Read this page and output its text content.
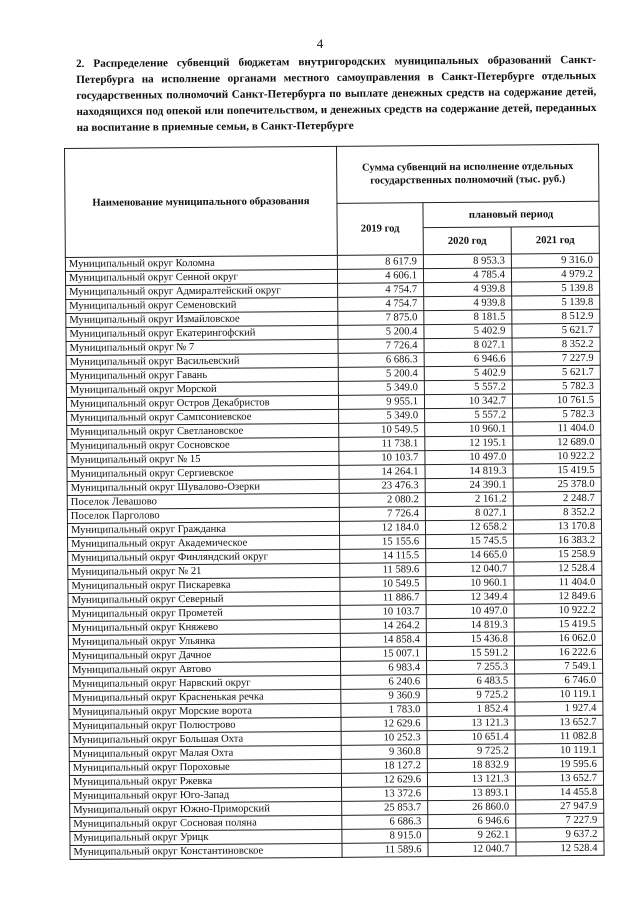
4
2. Распределение субвенций бюджетам внутригородских муниципальных образований Санкт-Петербурга на исполнение органами местного самоуправления в Санкт-Петербурге отдельных государственных полномочий Санкт-Петербурга по выплате денежных средств на содержание детей, находящихся под опекой или попечительством, и денежных средств на содержание детей, переданных на воспитание в приемные семьи, в Санкт-Петербурге
Наименование муниципального образования	Сумма субвенций на исполнение отдельных государственных полномочий (тыс. руб.)		
	2019 год	плановый период	
		2020 год	2021 год
Муниципальный округ Коломна	8 617.9	8 953.3	9 316.0
Муниципальный округ Сенной округ	4 606.1	4 785.4	4 979.2
Муниципальный округ Адмиралтейский округ	4 754.7	4 939.8	5 139.8
Муниципальный округ Семеновский	4 754.7	4 939.8	5 139.8
Муниципальный округ Измайловское	7 875.0	8 181.5	8 512.9
Муниципальный округ Екатерингофский	5 200.4	5 402.9	5 621.7
Муниципальный округ № 7	7 726.4	8 027.1	8 352.2
Муниципальный округ Васильевский	6 686.3	6 946.6	7 227.9
Муниципальный округ Гавань	5 200.4	5 402.9	5 621.7
Муниципальный округ Морской	5 349.0	5 557.2	5 782.3
Муниципальный округ Остров Декабристов	9 955.1	10 342.7	10 761.5
Муниципальный округ Сампсониевское	5 349.0	5 557.2	5 782.3
Муниципальный округ Светлановское	10 549.5	10 960.1	11 404.0
Муниципальный округ Сосновское	11 738.1	12 195.1	12 689.0
Муниципальный округ № 15	10 103.7	10 497.0	10 922.2
Муниципальный округ Сергиевское	14 264.1	14 819.3	15 419.5
Муниципальный округ Шувалово-Озерки	23 476.3	24 390.1	25 378.0
Поселок Левашово	2 080.2	2 161.2	2 248.7
Поселок Парголово	7 726.4	8 027.1	8 352.2
Муниципальный округ Гражданка	12 184.0	12 658.2	13 170.8
Муниципальный округ Академическое	15 155.6	15 745.5	16 383.2
Муниципальный округ Финляндский округ	14 115.5	14 665.0	15 258.9
Муниципальный округ № 21	11 589.6	12 040.7	12 528.4
Муниципальный округ Пискаревка	10 549.5	10 960.1	11 404.0
Муниципальный округ Северный	11 886.7	12 349.4	12 849.6
Муниципальный округ Прометей	10 103.7	10 497.0	10 922.2
Муниципальный округ Княжево	14 264.2	14 819.3	15 419.5
Муниципальный округ Ульянка	14 858.4	15 436.8	16 062.0
Муниципальный округ Дачное	15 007.1	15 591.2	16 222.6
Муниципальный округ Автово	6 983.4	7 255.3	7 549.1
Муниципальный округ Нарвский округ	6 240.6	6 483.5	6 746.0
Муниципальный округ Красненькая речка	9 360.9	9 725.2	10 119.1
Муниципальный округ Морские ворота	1 783.0	1 852.4	1 927.4
Муниципальный округ Полюстрово	12 629.6	13 121.3	13 652.7
Муниципальный округ Большая Охта	10 252.3	10 651.4	11 082.8
Муниципальный округ Малая Охта	9 360.8	9 725.2	10 119.1
Муниципальный округ Пороховые	18 127.2	18 832.9	19 595.6
Муниципальный округ Ржевка	12 629.6	13 121.3	13 652.7
Муниципальный округ Юго-Запад	13 372.6	13 893.1	14 455.8
Муниципальный округ Южно-Приморский	25 853.7	26 860.0	27 947.9
Муниципальный округ Сосновая поляна	6 686.3	6 946.6	7 227.9
Муниципальный округ Урицк	8 915.0	9 262.1	9 637.2
Муниципальный округ Константиновское	11 589.6	12 040.7	12 528.4
